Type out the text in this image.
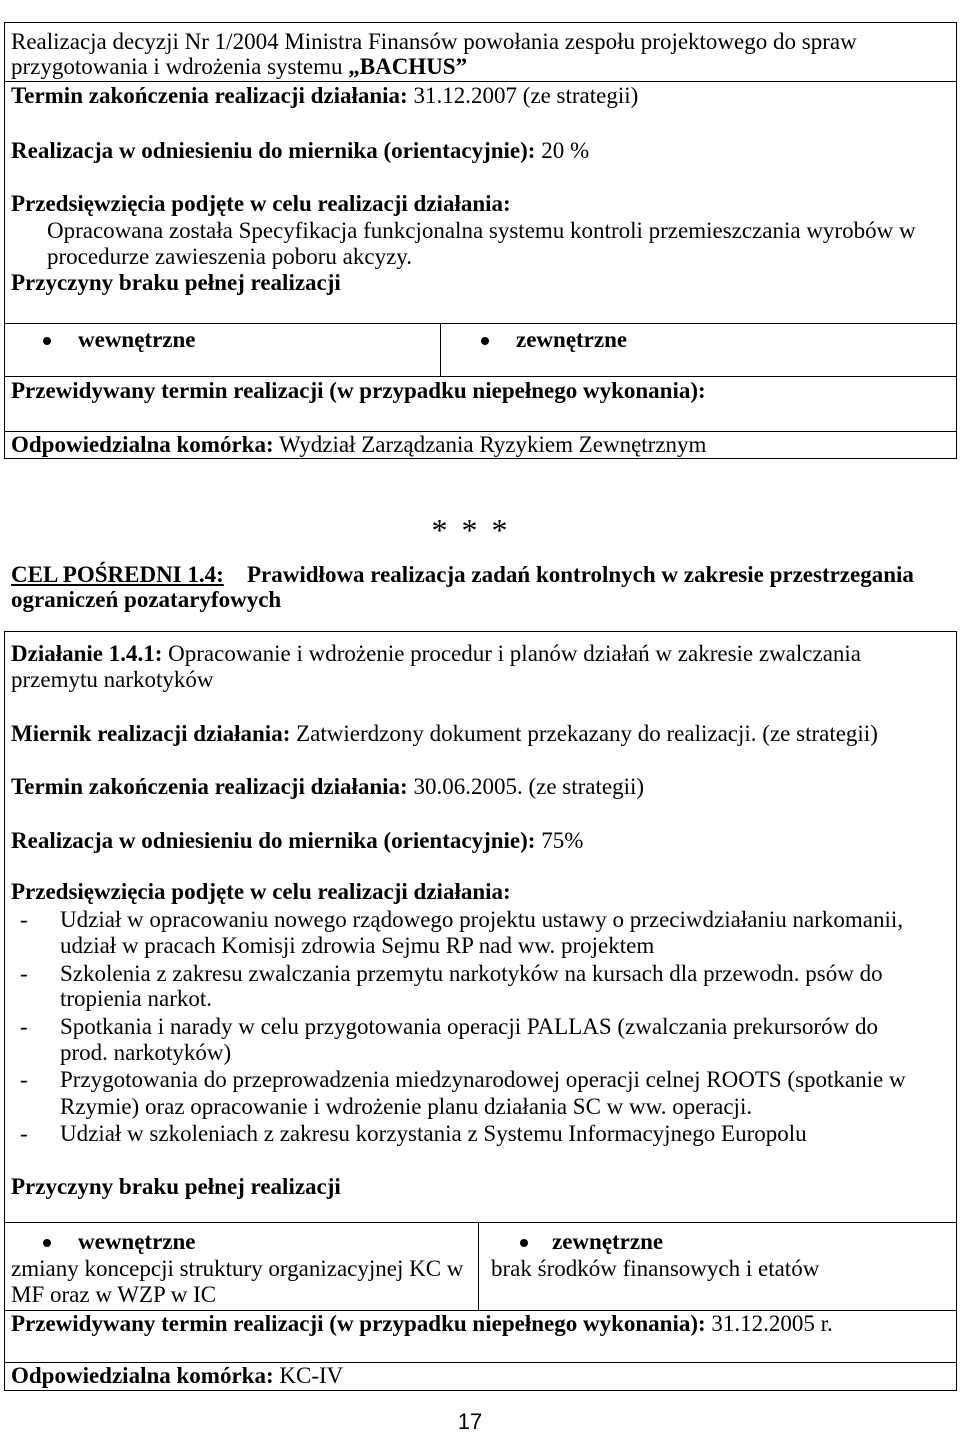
Realizacja decyzji Nr 1/2004 Ministra Finansów powołania zespołu projektowego do spraw
przygotowania i wdrożenia systemu „BACHUS”
Termin zakończenia realizacji działania: 31.12.2007 (ze strategii)
Realizacja w odniesieniu do miernika (orientacyjnie): 20 %
Przedsięwzięcia podjęte w celu realizacji działania:
Opracowana została Specyfikacja funkcjonalna systemu kontroli przemieszczania wyrobów w
procedurze zawieszenia poboru akcyzy.
Przyczyny braku pełnej realizacji
wewnętrzne	zewnętrzne
Przewidywany termin realizacji (w przypadku niepełnego wykonania):
Odpowiedzialna komórka: Wydział Zarządzania Ryzykiem Zewnętrznym
* * *
CEL POŚREDNI 1.4: Prawidłowa realizacja zadań kontrolnych w zakresie przestrzegania
ograniczeń pozataryfowych
Działanie 1.4.1: Opracowanie i wdrożenie procedur i planów działań w zakresie zwalczania
przemytu narkotyków
Miernik realizacji działania: Zatwierdzony dokument przekazany do realizacji. (ze strategii)
Termin zakończenia realizacji działania: 30.06.2005. (ze strategii)
Realizacja w odniesieniu do miernika (orientacyjnie): 75%
Przedsięwzięcia podjęte w celu realizacji działania:
- Udział w opracowaniu nowego rządowego projektu ustawy o przeciwdziałaniu narkomanii,
udział w pracach Komisji zdrowia Sejmu RP nad ww. projektem
- Szkolenia z zakresu zwalczania przemytu narkotyków na kursach dla przewodn. psów do
tropienia narkot.
- Spotkania i narady w celu przygotowania operacji PALLAS (zwalczania prekursorów do
prod. narkotyków)
- Przygotowania do przeprowadzenia miedzynarodowej operacji celnej ROOTS (spotkanie w
Rzymie) oraz opracowanie i wdrożenie planu działania SC w ww. operacji.
- Udział w szkoleniach z zakresu korzystania z Systemu Informacyjnego Europolu
Przyczyny braku pełnej realizacji
wewnętrzne
zmiany koncepcji struktury organizacyjnej KC w
MF oraz w WZP w IC
zewnętrzne
brak środków finansowych i etatów
Przewidywany termin realizacji (w przypadku niepełnego wykonania): 31.12.2005 r.
Odpowiedzialna komórka: KC-IV
17
